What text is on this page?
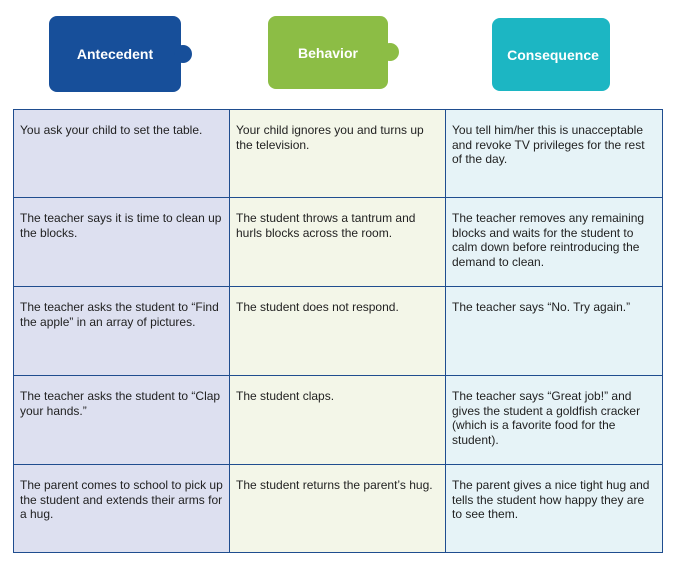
Antecedent	Behavior	Consequence
You ask your child to set the table.	Your child ignores you and turns up the television.	You tell him/her this is unacceptable and revoke TV privileges for the rest of the day.
The teacher says it is time to clean up the blocks.	The student throws a tantrum and hurls blocks across the room.	The teacher removes any remaining blocks and waits for the student to calm down before reintroducing the demand to clean.
The teacher asks the student to “Find the apple” in an array of pictures.	The student does not respond.	The teacher says “No. Try again.”
The teacher asks the student to “Clap your hands.”	The student claps.	The teacher says “Great job!” and gives the student a goldfish cracker (which is a favorite food for the student).
The parent comes to school to pick up the student and extends their arms for a hug.	The student returns the parent’s hug.	The parent gives a nice tight hug and tells the student how happy they are to see them.
